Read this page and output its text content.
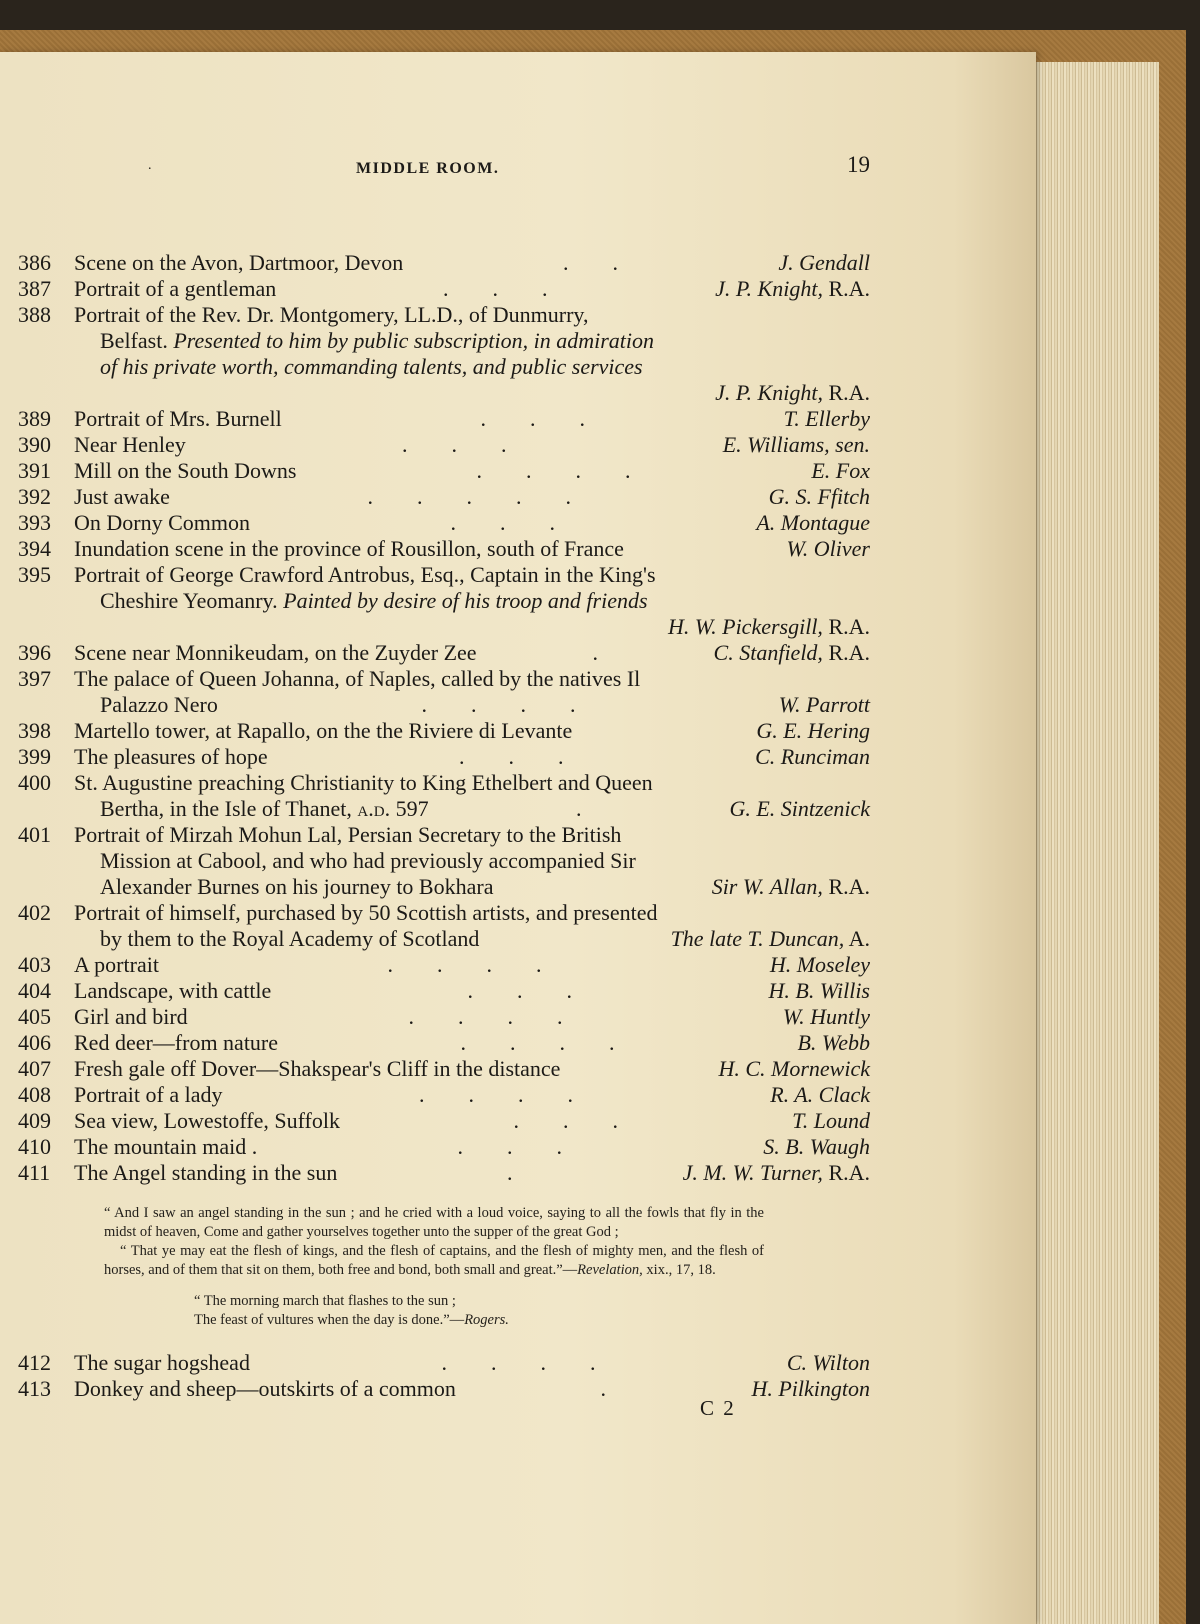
.	MIDDLE ROOM.	19
386	Scene on the Avon, Dartmoor, Devon	J. Gendall
.        .
387	Portrait of a gentleman	J. P. Knight, R.A.
.        .        .
388	Portrait of the Rev. Dr. Montgomery, LL.D., of Dunmurry,
Belfast. Presented to him by public subscription, in admiration
of his private worth, commanding talents, and public services
J. P. Knight, R.A.
389	Portrait of Mrs. Burnell	T. Ellerby
.        .        .
390	Near Henley	E. Williams, sen.
.        .        .
391	Mill on the South Downs	E. Fox
.        .        .        .
392	Just awake	G. S. Ffitch
.        .        .        .        .
393	On Dorny Common	A. Montague
.        .        .
394	Inundation scene in the province of Rousillon, south of France	W. Oliver
395	Portrait of George Crawford Antrobus, Esq., Captain in the King's
Cheshire Yeomanry. Painted by desire of his troop and friends
H. W. Pickersgill, R.A.
396	Scene near Monnikeudam, on the Zuyder Zee	C. Stanfield, R.A.
.
397	The palace of Queen Johanna, of Naples, called by the natives Il
Palazzo Nero	W. Parrott
.        .        .        .
398	Martello tower, at Rapallo, on the the Riviere di Levante	G. E. Hering
399	The pleasures of hope	C. Runciman
.        .        .
400	St. Augustine preaching Christianity to King Ethelbert and Queen
Bertha, in the Isle of Thanet, a.d. 597	G. E. Sintzenick
.
401	Portrait of Mirzah Mohun Lal, Persian Secretary to the British
Mission at Cabool, and who had previously accompanied Sir
Alexander Burnes on his journey to Bokhara	Sir W. Allan, R.A.
402	Portrait of himself, purchased by 50 Scottish artists, and presented
by them to the Royal Academy of Scotland	The late T. Duncan, A.
403	A portrait	H. Moseley
.        .        .        .
404	Landscape, with cattle	H. B. Willis
.        .        .
405	Girl and bird	W. Huntly
.        .        .        .
406	Red deer—from nature	B. Webb
.        .        .        .
407	Fresh gale off Dover—Shakspear's Cliff in the distance	H. C. Mornewick
408	Portrait of a lady	R. A. Clack
.        .        .        .
409	Sea view, Lowestoffe, Suffolk	T. Lound
.        .        .
410	The mountain maid .	S. B. Waugh
.        .        .
411	The Angel standing in the sun	J. M. W. Turner, R.A.
.

“ And I saw an angel standing in the sun ; and he cried with a loud voice, saying to all the fowls that fly in the midst of heaven, Come and gather yourselves together unto the supper of the great God ;

“ That ye may eat the flesh of kings, and the flesh of captains, and the flesh of mighty men, and the flesh of horses, and of them that sit on them, both free and bond, both small and great.”—Revelation, xix., 17, 18.

“ The morning march that flashes to the sun ;
The feast of vultures when the day is done.”—Rogers.
412	The sugar hogshead	C. Wilton
.        .        .        .
413	Donkey and sheep—outskirts of a common	H. Pilkington
.
C 2
